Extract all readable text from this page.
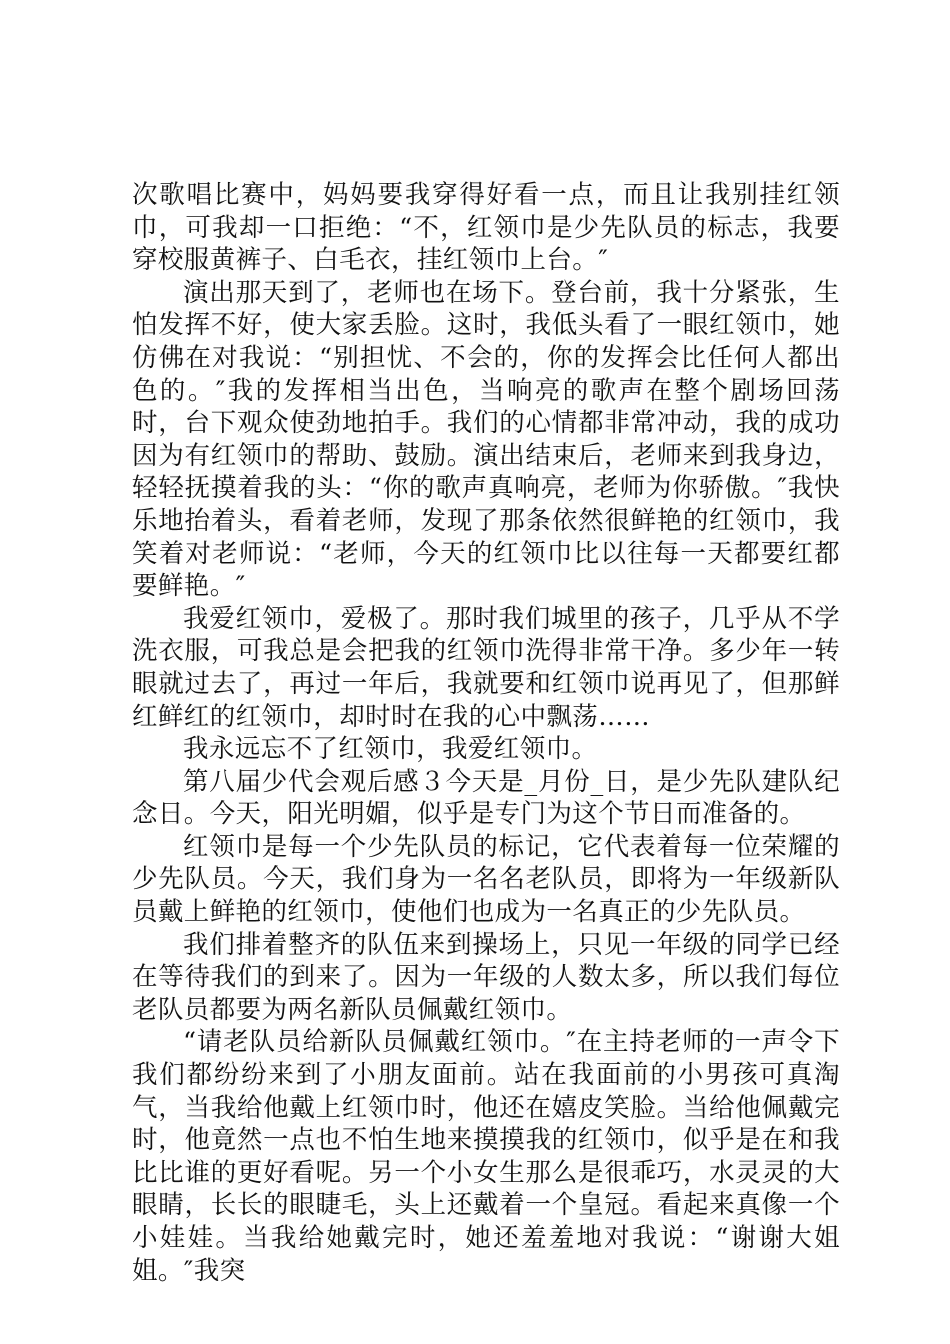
次歌唱比赛中，妈妈要我穿得好看一点，而且让我别挂红领巾，可我却一口拒绝：“不，红领巾是少先队员的标志，我要穿校服黄裤子、白毛衣，挂红领巾上台。″

演出那天到了，老师也在场下。登台前，我十分紧张，生怕发挥不好，使大家丢脸。这时，我低头看了一眼红领巾，她仿佛在对我说：“别担忧、不会的，你的发挥会比任何人都出色的。″我的发挥相当出色，当响亮的歌声在整个剧场回荡时，台下观众使劲地拍手。我们的心情都非常冲动，我的成功因为有红领巾的帮助、鼓励。演出结束后，老师来到我身边，轻轻抚摸着我的头：“你的歌声真响亮，老师为你骄傲。″我快乐地抬着头，看着老师，发现了那条依然很鲜艳的红领巾，我笑着对老师说：“老师，今天的红领巾比以往每一天都要红都要鲜艳。″

我爱红领巾，爱极了。那时我们城里的孩子，几乎从不学洗衣服，可我总是会把我的红领巾洗得非常干净。多少年一转眼就过去了，再过一年后，我就要和红领巾说再见了，但那鲜红鲜红的红领巾，却时时在我的心中飘荡……

我永远忘不了红领巾，我爱红领巾。

第八届少代会观后感３今天是_月份_日，是少先队建队纪念日。今天，阳光明媚，似乎是专门为这个节日而准备的。

红领巾是每一个少先队员的标记，它代表着每一位荣耀的少先队员。今天，我们身为一名名老队员，即将为一年级新队员戴上鲜艳的红领巾，使他们也成为一名真正的少先队员。

我们排着整齐的队伍来到操场上，只见一年级的同学已经在等待我们的到来了。因为一年级的人数太多，所以我们每位老队员都要为两名新队员佩戴红领巾。

“请老队员给新队员佩戴红领巾。″在主持老师的一声令下我们都纷纷来到了小朋友面前。站在我面前的小男孩可真淘气，当我给他戴上红领巾时，他还在嬉皮笑脸。当给他佩戴完时，他竟然一点也不怕生地来摸摸我的红领巾，似乎是在和我比比谁的更好看呢。另一个小女生那么是很乖巧，水灵灵的大眼睛，长长的眼睫毛，头上还戴着一个皇冠。看起来真像一个小娃娃。当我给她戴完时，她还羞羞地对我说：“谢谢大姐姐。″我突
